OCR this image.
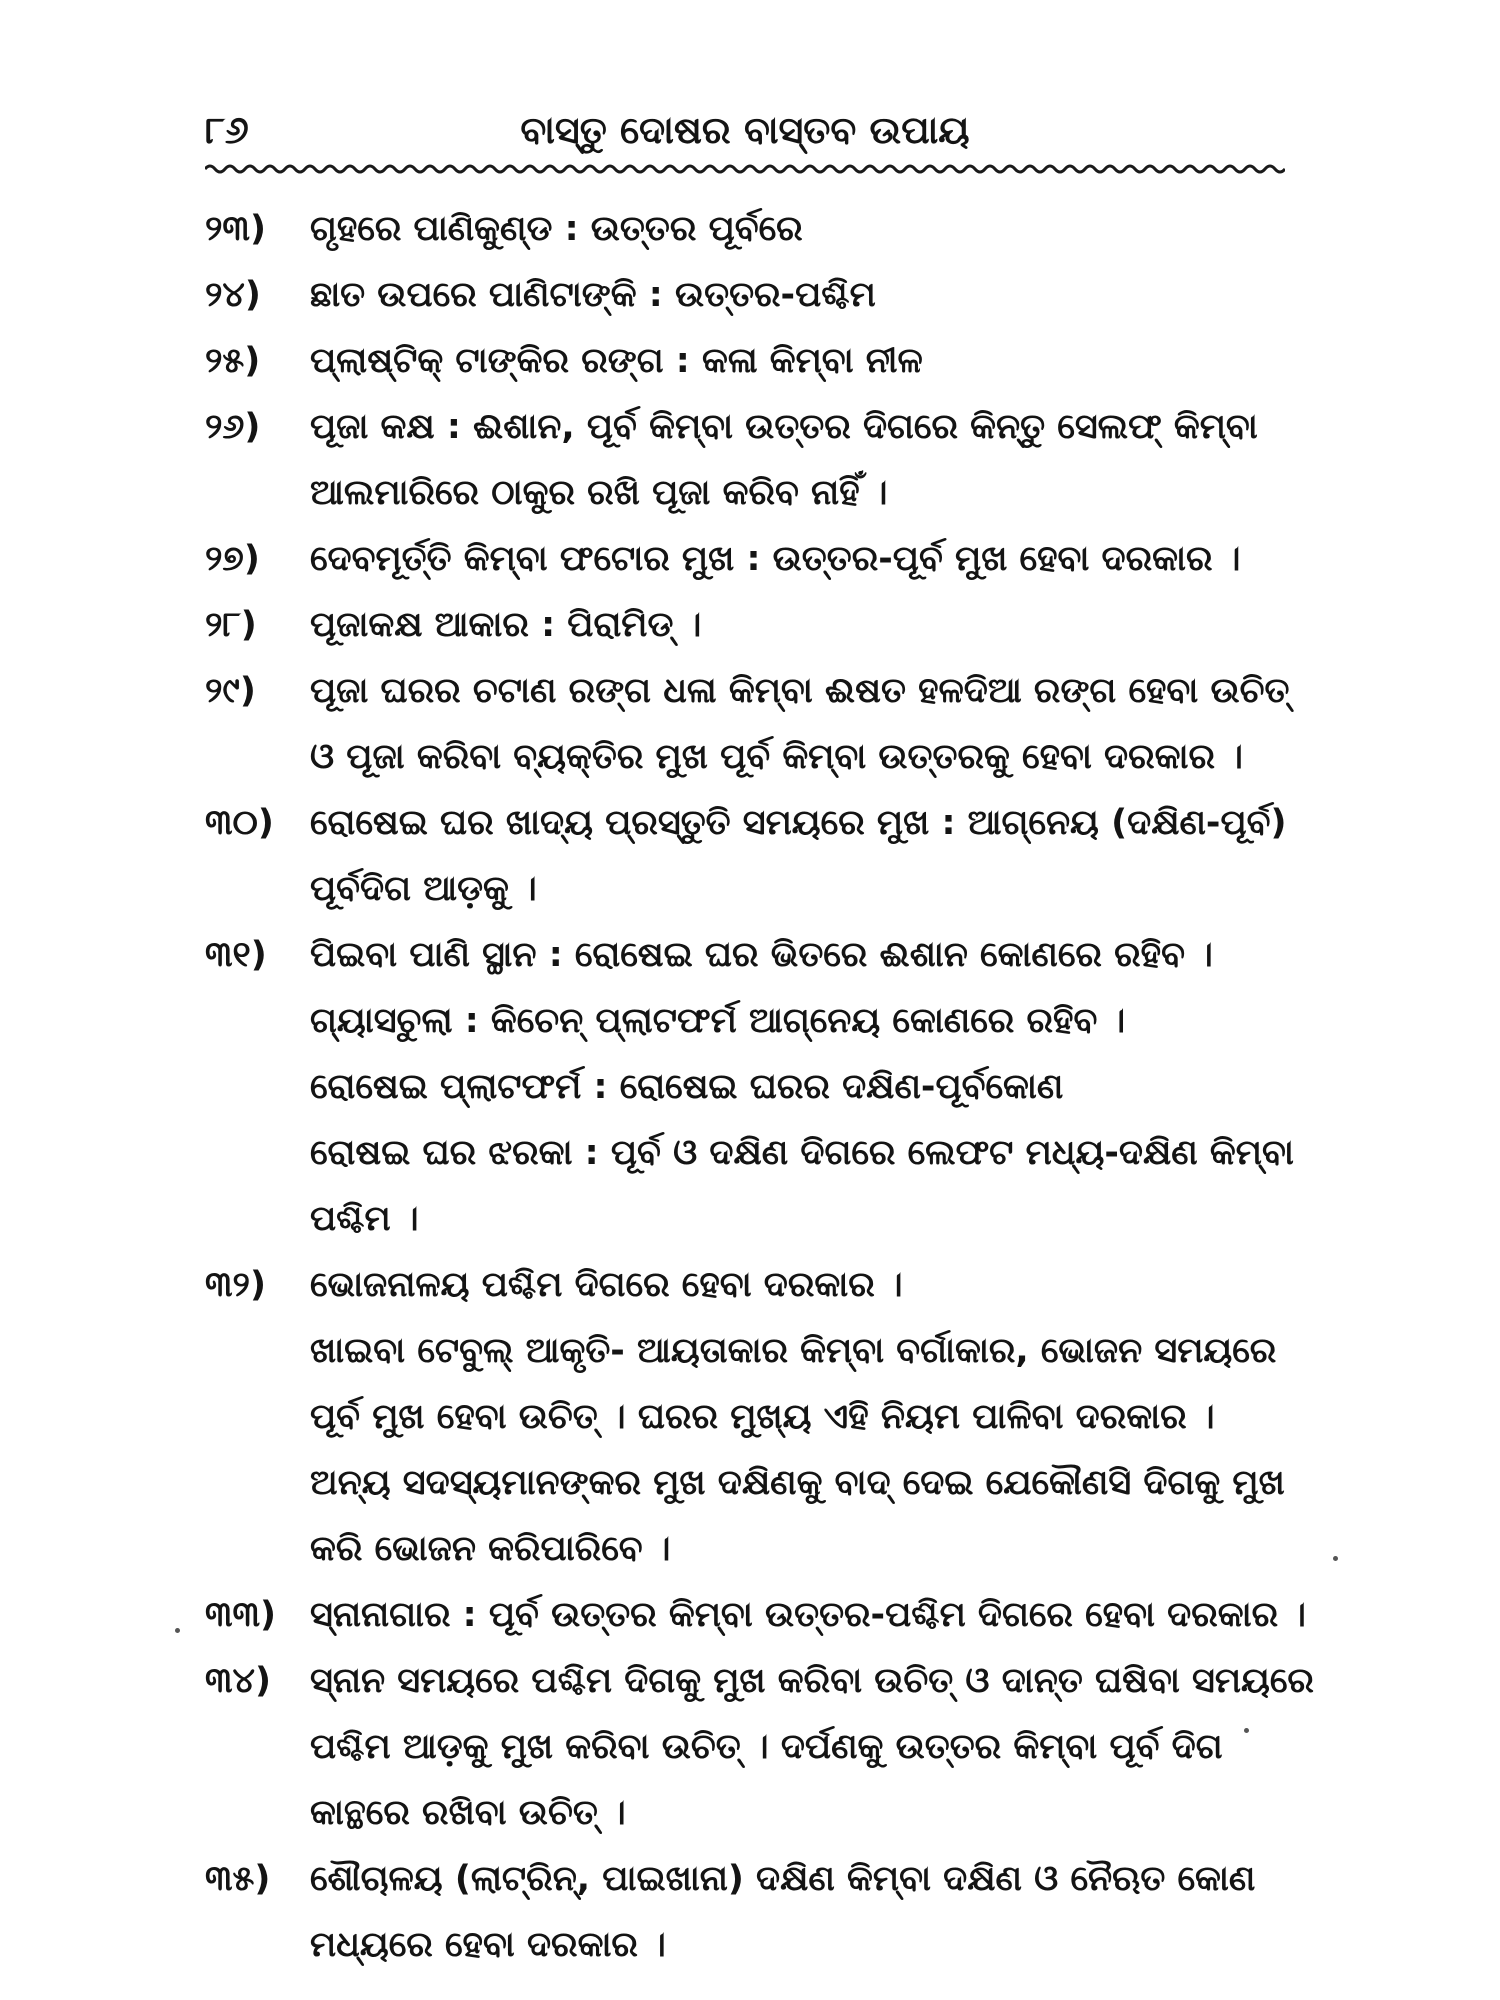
୮୬	ବାସ୍ତୁ ଦୋଷର ବାସ୍ତବ ଉପାୟ
୨୩)	ଗୃହରେ ପାଣିକୁଣ୍ଡ : ଉତ୍ତର ପୂର୍ବରେ
୨୪)	ଛାତ ଉପରେ ପାଣିଟାଙ୍କି : ଉତ୍ତର-ପଶ୍ଚିମ
୨୫)	ପ୍ଲାଷ୍ଟିକ୍ ଟାଙ୍କିର ରଙ୍ଗ : କଳା କିମ୍ବା ନୀଳ
୨୬)	ପୂଜା କକ୍ଷ : ଈଶାନ, ପୂର୍ବ କିମ୍ବା ଉତ୍ତର ଦିଗରେ କିନ୍ତୁ ସେଲଫ୍ କିମ୍ବା
ଆଲମାରିରେ ଠାକୁର ରଖି ପୂଜା କରିବ ନାହିଁ ।
୨୭)	ଦେବମୂର୍ତ୍ତି କିମ୍ବା ଫଟୋର ମୁଖ : ଉତ୍ତର-ପୂର୍ବ ମୁଖ ହେବା ଦରକାର ।
୨୮)	ପୂଜାକକ୍ଷ ଆକାର : ପିରାମିଡ୍ ।
୨୯)	ପୂଜା ଘରର ଚଟାଣ ରଙ୍ଗ ଧଳା କିମ୍ବା ଈଷତ ହଳଦିଆ ରଙ୍ଗ ହେବା ଉଚିତ୍
ଓ ପୂଜା କରିବା ବ୍ୟକ୍ତିର ମୁଖ ପୂର୍ବ କିମ୍ବା ଉତ୍ତରକୁ ହେବା ଦରକାର ।
୩୦)	ରୋଷେଇ ଘର ଖାଦ୍ୟ ପ୍ରସ୍ତୁତି ସମୟରେ ମୁଖ : ଆଗ୍ନେୟ (ଦକ୍ଷିଣ-ପୂର୍ବ)
ପୂର୍ବଦିଗ ଆଡ଼କୁ ।
୩୧)	ପିଇବା ପାଣି ସ୍ଥାନ : ରୋଷେଇ ଘର ଭିତରେ ଈଶାନ କୋଣରେ ରହିବ ।
ଗ୍ୟାସଚୁଲା : କିଚେନ୍ ପ୍ଲାଟଫର୍ମ ଆଗ୍ନେୟ କୋଣରେ ରହିବ ।
ରୋଷେଇ ପ୍ଲାଟଫର୍ମ : ରୋଷେଇ ଘରର ଦକ୍ଷିଣ-ପୂର୍ବକୋଣ
ରୋଷଇ ଘର ଝରକା : ପୂର୍ବ ଓ ଦକ୍ଷିଣ ଦିଗରେ ଲେଫଟ ମଧ୍ୟ-ଦକ୍ଷିଣ କିମ୍ବା
ପଶ୍ଚିମ ।
୩୨)	ଭୋଜନାଳୟ ପଶ୍ଚିମ ଦିଗରେ ହେବା ଦରକାର ।
ଖାଇବା ଟେବୁଲ୍ ଆକୃତି- ଆୟତାକାର କିମ୍ବା ବର୍ଗାକାର, ଭୋଜନ ସମୟରେ
ପୂର୍ବ ମୁଖ ହେବା ଉଚିତ୍ । ଘରର ମୁଖ୍ୟ ଏହି ନିୟମ ପାଳିବା ଦରକାର ।
ଅନ୍ୟ ସଦସ୍ୟମାନଙ୍କର ମୁଖ ଦକ୍ଷିଣକୁ ବାଦ୍ ଦେଇ ଯେକୌଣସି ଦିଗକୁ ମୁଖ
କରି ଭୋଜନ କରିପାରିବେ ।
୩୩) ସ୍ନାନାଗାର : ପୂର୍ବ ଉତ୍ତର କିମ୍ବା ଉତ୍ତର-ପଶ୍ଚିମ ଦିଗରେ ହେବା ଦରକାର ।
୩୪)	ସ୍ନାନ ସମୟରେ ପଶ୍ଚିମ ଦିଗକୁ ମୁଖ କରିବା ଉଚିତ୍ ଓ ଦାନ୍ତ ଘଷିବା ସମୟରେ
ପଶ୍ଚିମ ଆଡ଼କୁ ମୁଖ କରିବା ଉଚିତ୍ । ଦର୍ପଣକୁ ଉତ୍ତର କିମ୍ବା ପୂର୍ବ ଦିଗ
କାନ୍ଥରେ ରଖିବା ଉଚିତ୍ ।
୩୫)	ଶୌଚାଳୟ (ଲାଟ୍ରିନ୍, ପାଇଖାନା) ଦକ୍ଷିଣ କିମ୍ବା ଦକ୍ଷିଣ ଓ ନୈଋତ କୋଣ
ମଧ୍ୟରେ ହେବା ଦରକାର ।
